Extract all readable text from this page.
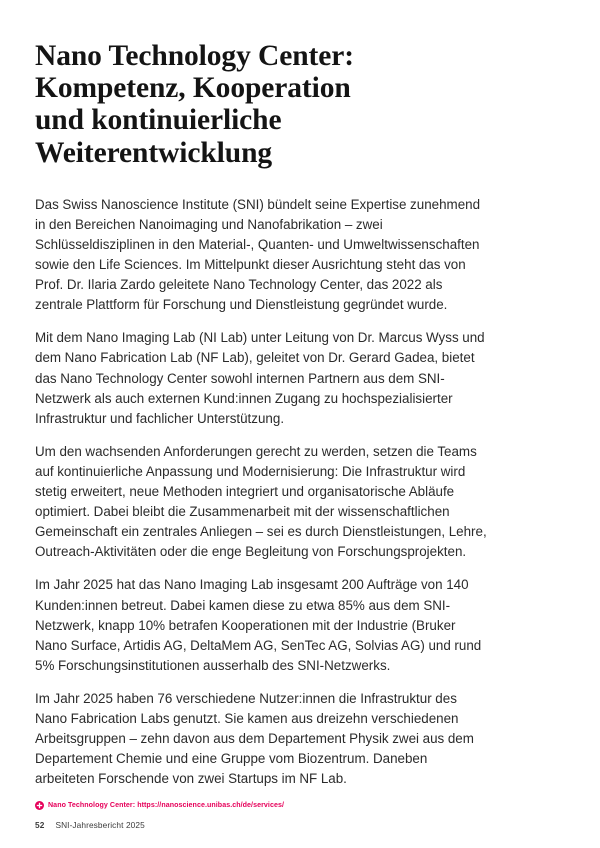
Nano Technology Center:
Kompetenz, Kooperation
und kontinuierliche
Weiterentwicklung

Das Swiss Nanoscience Institute (SNI) bündelt seine Expertise zunehmend in den Bereichen Nanoimaging und Nanofabrikation – zwei Schlüsseldisziplinen in den Material-, Quanten- und Umweltwissenschaften sowie den Life Sciences. Im Mittelpunkt dieser Ausrichtung steht das von Prof. Dr. Ilaria Zardo geleitete Nano Technology Center, das 2022 als zentrale Plattform für Forschung und Dienstleistung gegründet wurde.

Mit dem Nano Imaging Lab (NI Lab) unter Leitung von Dr. Marcus Wyss und dem Nano Fabrication Lab (NF Lab), geleitet von Dr. Gerard Gadea, bietet das Nano Technology Center sowohl internen Partnern aus dem SNI-Netzwerk als auch externen Kund:innen Zugang zu hochspezialisierter Infrastruktur und fachlicher Unterstützung.

Um den wachsenden Anforderungen gerecht zu werden, setzen die Teams auf kontinuierliche Anpassung und Modernisierung: Die Infrastruktur wird stetig erweitert, neue Methoden integriert und organisatorische Abläufe optimiert. Dabei bleibt die Zusammenarbeit mit der wissenschaftlichen Gemeinschaft ein zentrales Anliegen – sei es durch Dienstleistungen, Lehre, Outreach-Aktivitäten oder die enge Begleitung von Forschungsprojekten.

Im Jahr 2025 hat das Nano Imaging Lab insgesamt 200 Aufträge von 140 Kunden:innen betreut. Dabei kamen diese zu etwa 85% aus dem SNI-Netzwerk, knapp 10% betrafen Kooperationen mit der Industrie (Bruker Nano Surface, Artidis AG, DeltaMem AG, SenTec AG, Solvias AG) und rund 5% Forschungsinstitutionen ausserhalb des SNI-Netzwerks.

Im Jahr 2025 haben 76 verschiedene Nutzer:innen die Infrastruktur des Nano Fabrication Labs genutzt. Sie kamen aus dreizehn verschiedenen Arbeitsgruppen – zehn davon aus dem Departement Physik zwei aus dem Departement Chemie und eine Gruppe vom Biozentrum. Daneben arbeiteten Forschende von zwei Startups im NF Lab.

Nano Technology Center: https://nanoscience.unibas.ch/de/services/
52 SNI-Jahresbericht 2025
